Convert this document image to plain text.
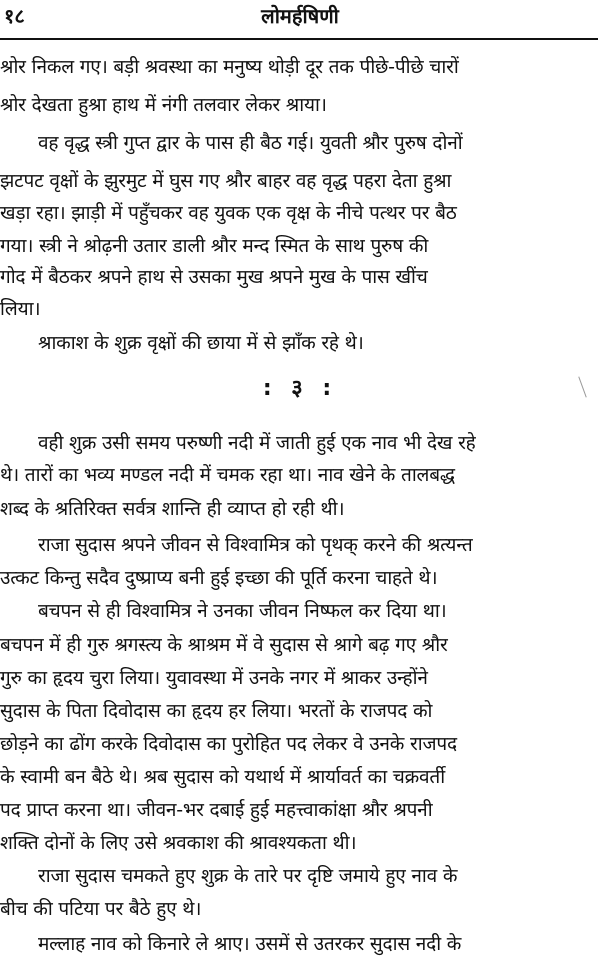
१८	लोमर्हषिणी
श्रोर निकल गए। बड़ी श्रवस्था का मनुष्य थोड़ी दूर तक पीछे-पीछे चारों
श्रोर देखता हुश्रा हाथ में नंगी तलवार लेकर श्राया।
वह वृद्ध स्त्री गुप्त द्वार के पास ही बैठ गई। युवती श्रौर पुरुष दोनों
झटपट वृक्षों के झुरमुट में घुस गए श्रौर बाहर वह वृद्ध पहरा देता हुश्रा
खड़ा रहा। झाड़ी में पहुँचकर वह युवक एक वृक्ष के नीचे पत्थर पर बैठ
गया। स्त्री ने श्रोढ़नी उतार डाली श्रौर मन्द स्मित के साथ पुरुष की
गोद में बैठकर श्रपने हाथ से उसका मुख श्रपने मुख के पास खींच
लिया।
श्राकाश के शुक्र वृक्षों की छाया में से झाँक रहे थे।
: ३ :
वही शुक्र उसी समय परुष्णी नदी में जाती हुई एक नाव भी देख रहे
थे। तारों का भव्य मण्डल नदी में चमक रहा था। नाव खेने के तालबद्ध
शब्द के श्रतिरिक्त सर्वत्र शान्ति ही व्याप्त हो रही थी।
राजा सुदास श्रपने जीवन से विश्वामित्र को पृथक् करने की श्रत्यन्त
उत्कट किन्तु सदैव दुष्प्राप्य बनी हुई इच्छा की पूर्ति करना चाहते थे।
बचपन से ही विश्वामित्र ने उनका जीवन निष्फल कर दिया था।
बचपन में ही गुरु श्रगस्त्य के श्राश्रम में वे सुदास से श्रागे बढ़ गए श्रौर
गुरु का हृदय चुरा लिया। युवावस्था में उनके नगर में श्राकर उन्होंने
सुदास के पिता दिवोदास का हृदय हर लिया। भरतों के राजपद को
छोड़ने का ढोंग करके दिवोदास का पुरोहित पद लेकर वे उनके राजपद
के स्वामी बन बैठे थे। श्रब सुदास को यथार्थ में श्रार्यावर्त का चक्रवर्ती
पद प्राप्त करना था। जीवन-भर दबाई हुई महत्त्वाकांक्षा श्रौर श्रपनी
शक्ति दोनों के लिए उसे श्रवकाश की श्रावश्यकता थी।
राजा सुदास चमकते हुए शुक्र के तारे पर दृष्टि जमाये हुए नाव के
बीच की पटिया पर बैठे हुए थे।
मल्लाह नाव को किनारे ले श्राए। उसमें से उतरकर सुदास नदी के
